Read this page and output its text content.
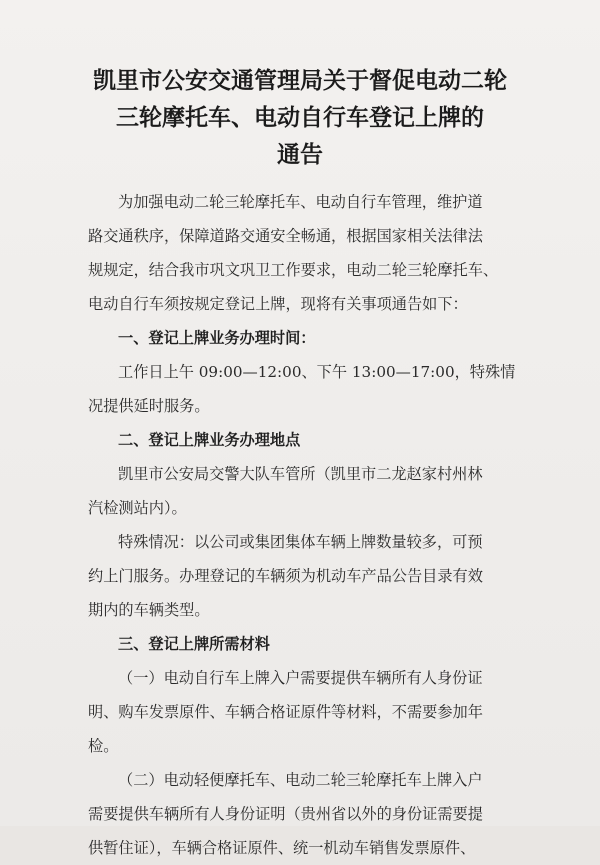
凯里市公安交通管理局关于督促电动二轮
三轮摩托车、电动自行车登记上牌的
通告
为加强电动二轮三轮摩托车、电动自行车管理，维护道
路交通秩序，保障道路交通安全畅通，根据国家相关法律法
规规定，结合我市巩文巩卫工作要求，电动二轮三轮摩托车、
电动自行车须按规定登记上牌，现将有关事项通告如下：
一、登记上牌业务办理时间：
工作日上午 09:00—12:00、下午 13:00—17:00，特殊情
况提供延时服务。
二、登记上牌业务办理地点
凯里市公安局交警大队车管所（凯里市二龙赵家村州林
汽检测站内）。
特殊情况：以公司或集团集体车辆上牌数量较多，可预
约上门服务。办理登记的车辆须为机动车产品公告目录有效
期内的车辆类型。
三、登记上牌所需材料
（一）电动自行车上牌入户需要提供车辆所有人身份证
明、购车发票原件、车辆合格证原件等材料，不需要参加年
检。
（二）电动轻便摩托车、电动二轮三轮摩托车上牌入户
需要提供车辆所有人身份证明（贵州省以外的身份证需要提
供暂住证），车辆合格证原件、统一机动车销售发票原件、
